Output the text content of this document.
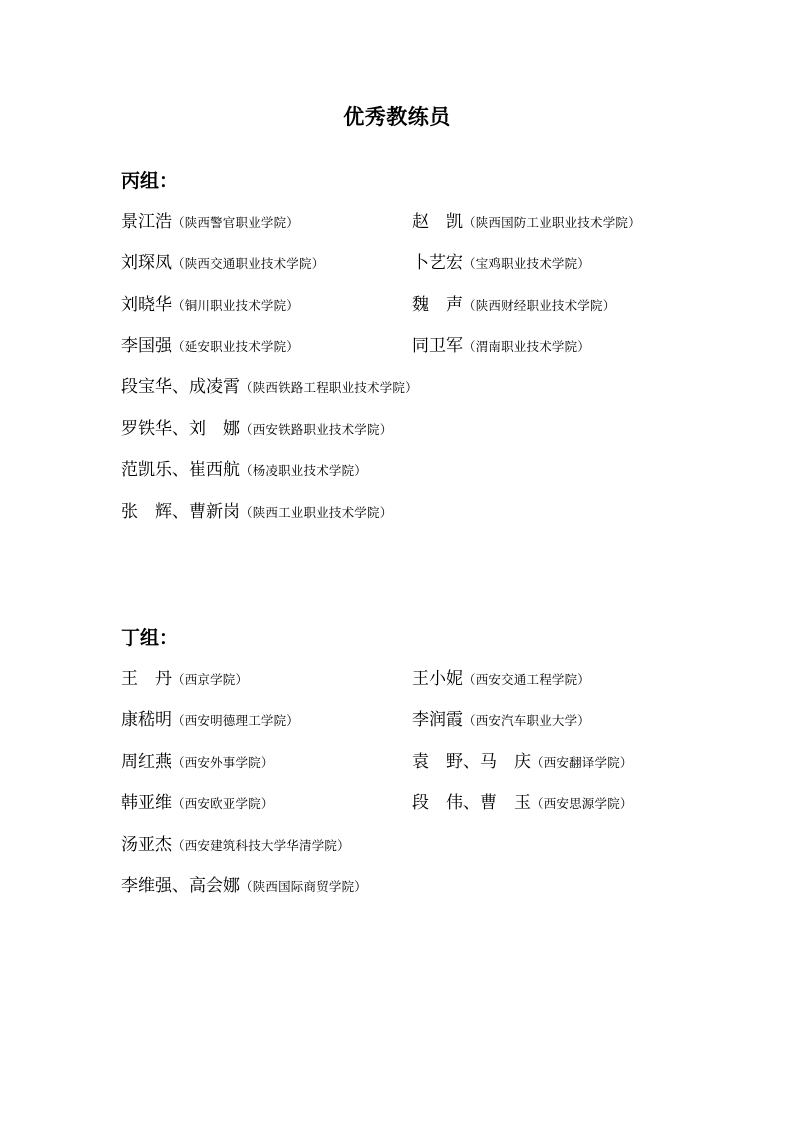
优秀教练员
丙组：
景江浩（陕西警官职业学院）	赵　凯（陕西国防工业职业技术学院）
刘琛凤（陕西交通职业技术学院）	卜艺宏（宝鸡职业技术学院）
刘晓华（铜川职业技术学院）	魏　声（陕西财经职业技术学院）
李国强（延安职业技术学院）	同卫军（渭南职业技术学院）
段宝华、成凌霄（陕西铁路工程职业技术学院）
罗铁华、刘　娜（西安铁路职业技术学院）
范凯乐、崔西航（杨凌职业技术学院）
张　辉、曹新岗（陕西工业职业技术学院）
丁组：
王　丹（西京学院）	王小妮（西安交通工程学院）
康嵇明（西安明德理工学院）	李润霞（西安汽车职业大学）
周红燕（西安外事学院）	袁　野、马　庆（西安翻译学院）
韩亚维（西安欧亚学院）	段　伟、曹　玉（西安思源学院）
汤亚杰（西安建筑科技大学华清学院）
李维强、高会娜（陕西国际商贸学院）
